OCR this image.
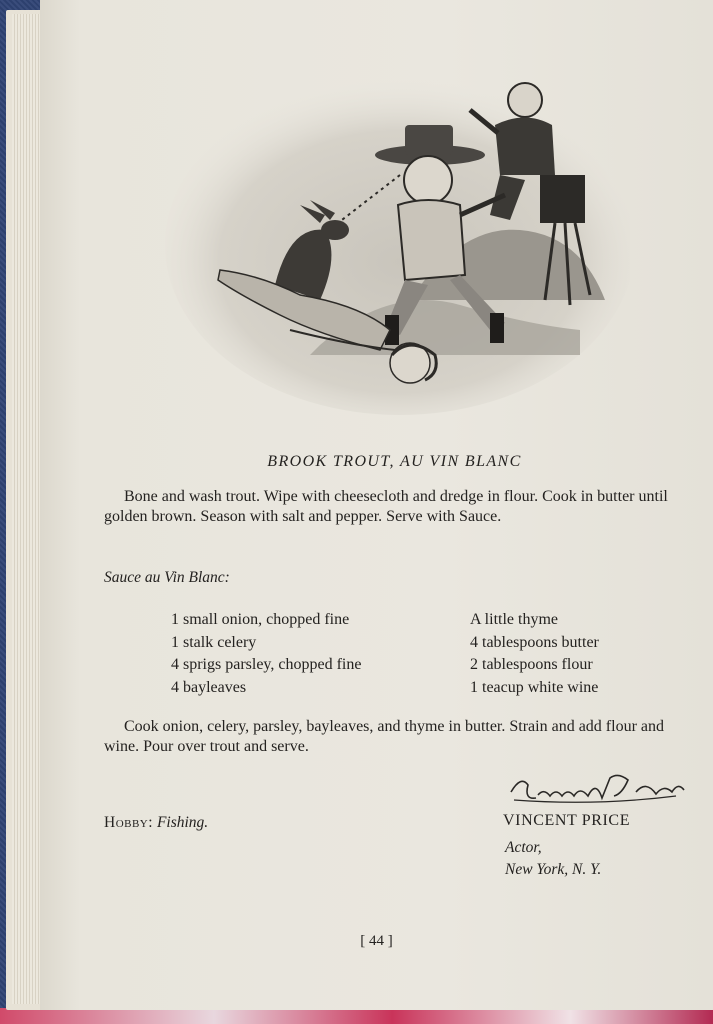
BROOK TROUT, AU VIN BLANC

Bone and wash trout. Wipe with cheesecloth and dredge in flour. Cook in butter until golden brown. Season with salt and pepper. Serve with Sauce.

Sauce au Vin Blanc:

1 small onion, chopped fine
1 stalk celery
4 sprigs parsley, chopped fine
4 bayleaves
A little thyme
4 tablespoons butter
2 tablespoons flour
1 teacup white wine

Cook onion, celery, parsley, bayleaves, and thyme in butter. Strain and add flour and wine. Pour over trout and serve.

Hobby: Fishing.	VINCENT PRICE
Actor,
New York, N. Y.
[ 44 ]
